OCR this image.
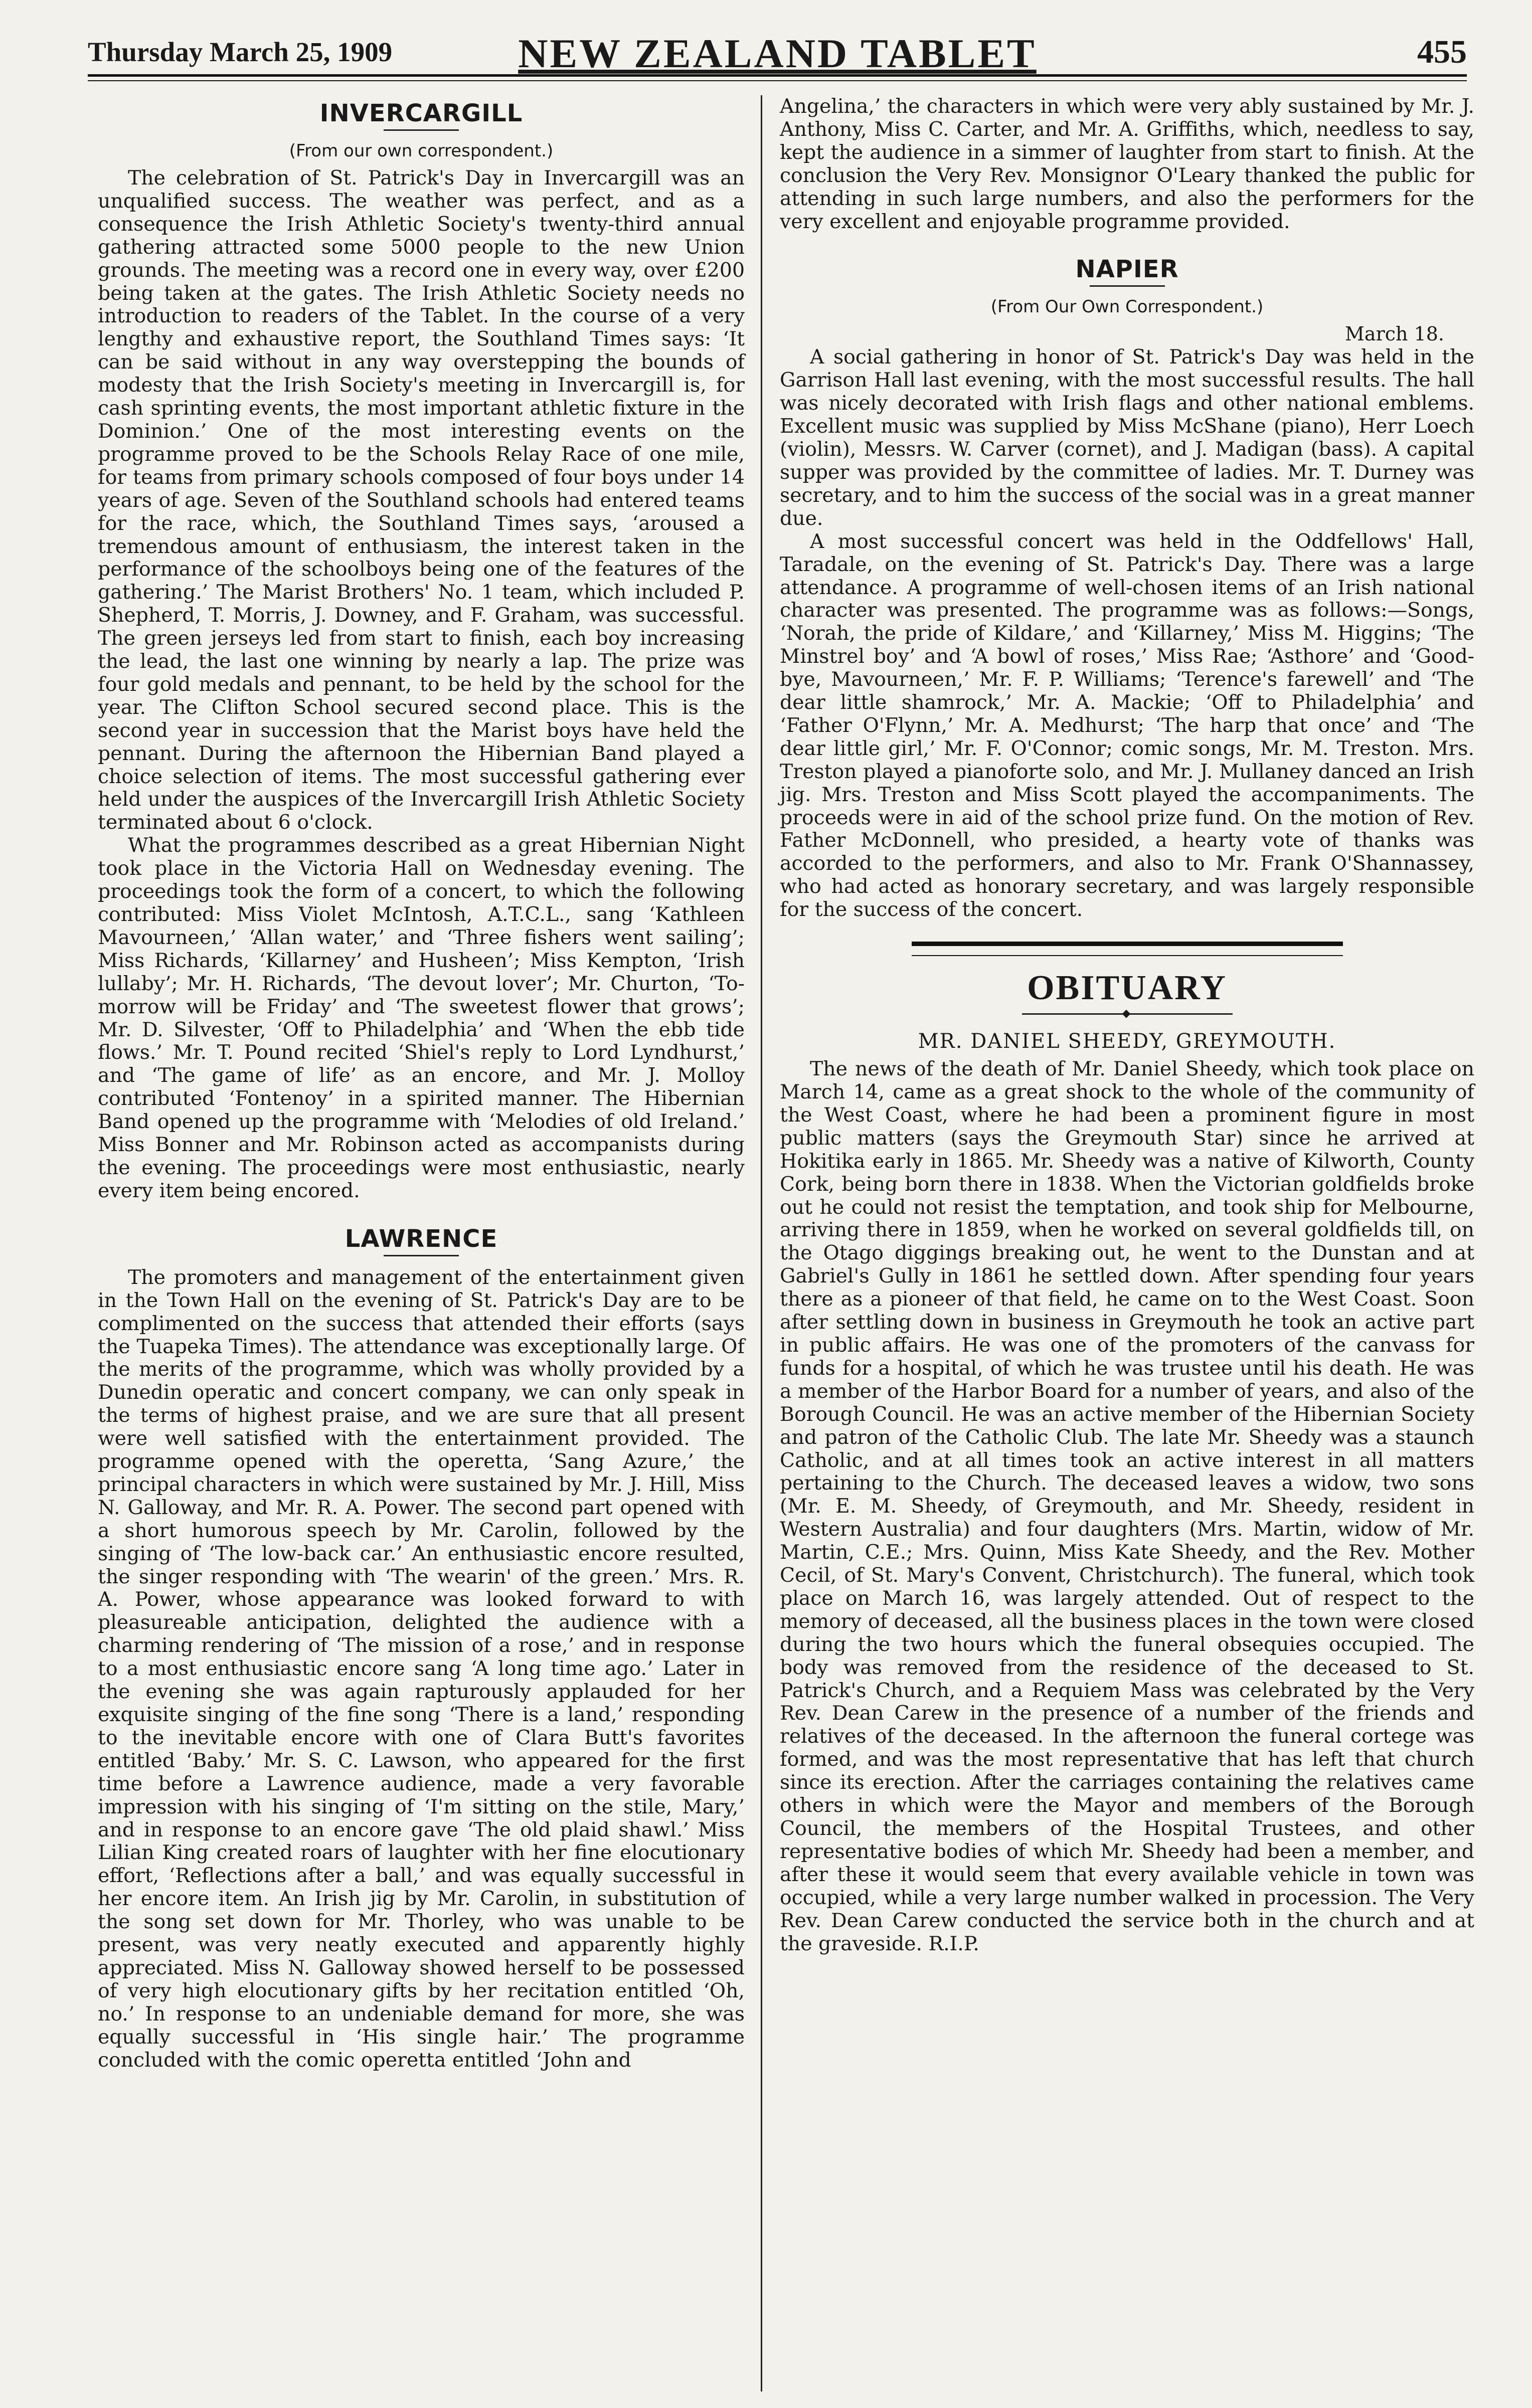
Thursday March 25, 1909	NEW ZEALAND TABLET	455
INVERCARGILL
(From our own correspondent.)

The celebration of St. Patrick's Day in Invercargill was an unqualified success. The weather was perfect, and as a consequence the Irish Athletic Society's twenty-third annual gathering attracted some 5000 people to the new Union grounds. The meeting was a record one in every way, over £200 being taken at the gates. The Irish Athletic Society needs no introduction to readers of the Tablet. In the course of a very lengthy and exhaustive report, the Southland Times says: ‘It can be said without in any way overstepping the bounds of modesty that the Irish Society's meeting in Invercargill is, for cash sprinting events, the most important athletic fixture in the Dominion.’ One of the most interesting events on the programme proved to be the Schools Relay Race of one mile, for teams from primary schools composed of four boys under 14 years of age. Seven of the Southland schools had entered teams for the race, which, the Southland Times says, ‘aroused a tremendous amount of enthusiasm, the interest taken in the performance of the schoolboys being one of the features of the gathering.’ The Marist Brothers' No. 1 team, which included P. Shepherd, T. Morris, J. Downey, and F. Graham, was successful. The green jerseys led from start to finish, each boy increasing the lead, the last one winning by nearly a lap. The prize was four gold medals and pennant, to be held by the school for the year. The Clifton School secured second place. This is the second year in succession that the Marist boys have held the pennant. During the afternoon the Hibernian Band played a choice selection of items. The most successful gathering ever held under the auspices of the Invercargill Irish Athletic Society terminated about 6 o'clock.

What the programmes described as a great Hibernian Night took place in the Victoria Hall on Wednesday evening. The proceedings took the form of a concert, to which the following contributed: Miss Violet McIntosh, A.T.C.L., sang ‘Kathleen Mavourneen,’ ‘Allan water,’ and ‘Three fishers went sailing’; Miss Richards, ‘Killarney’ and Husheen’; Miss Kempton, ‘Irish lullaby’; Mr. H. Richards, ‘The devout lover’; Mr. Churton, ‘To-morrow will be Friday’ and ‘The sweetest flower that grows’; Mr. D. Silvester, ‘Off to Philadelphia’ and ‘When the ebb tide flows.’ Mr. T. Pound recited ‘Shiel's reply to Lord Lyndhurst,’ and ‘The game of life’ as an encore, and Mr. J. Molloy contributed ‘Fontenoy’ in a spirited manner. The Hibernian Band opened up the programme with ‘Melodies of old Ireland.’ Miss Bonner and Mr. Robinson acted as accompanists during the evening. The proceedings were most enthusiastic, nearly every item being encored.

LAWRENCE

The promoters and management of the entertainment given in the Town Hall on the evening of St. Patrick's Day are to be complimented on the success that attended their efforts (says the Tuapeka Times). The attendance was exceptionally large. Of the merits of the programme, which was wholly provided by a Dunedin operatic and concert company, we can only speak in the terms of highest praise, and we are sure that all present were well satisfied with the entertainment provided. The programme opened with the operetta, ‘Sang Azure,’ the principal characters in which were sustained by Mr. J. Hill, Miss N. Galloway, and Mr. R. A. Power. The second part opened with a short humorous speech by Mr. Carolin, followed by the singing of ‘The low-back car.’ An enthusiastic encore resulted, the singer responding with ‘The wearin' of the green.’ Mrs. R. A. Power, whose appearance was looked forward to with pleasureable anticipation, delighted the audience with a charming rendering of ‘The mission of a rose,’ and in response to a most enthusiastic encore sang ‘A long time ago.’ Later in the evening she was again rapturously applauded for her exquisite singing of the fine song ‘There is a land,’ responding to the inevitable encore with one of Clara Butt's favorites entitled ‘Baby.’ Mr. S. C. Lawson, who appeared for the first time before a Lawrence audience, made a very favorable impression with his singing of ‘I'm sitting on the stile, Mary,’ and in response to an encore gave ‘The old plaid shawl.’ Miss Lilian King created roars of laughter with her fine elocutionary effort, ‘Reflections after a ball,’ and was equally successful in her encore item. An Irish jig by Mr. Carolin, in substitution of the song set down for Mr. Thorley, who was unable to be present, was very neatly executed and apparently highly appreciated. Miss N. Galloway showed herself to be possessed of very high elocutionary gifts by her recitation entitled ‘Oh, no.’ In response to an undeniable demand for more, she was equally successful in ‘His single hair.’ The programme concluded with the comic operetta entitled ‘John and

Angelina,’ the characters in which were very ably sustained by Mr. J. Anthony, Miss C. Carter, and Mr. A. Griffiths, which, needless to say, kept the audience in a simmer of laughter from start to finish. At the conclusion the Very Rev. Monsignor O'Leary thanked the public for attending in such large numbers, and also the performers for the very excellent and enjoyable programme provided.

NAPIER
(From Our Own Correspondent.)
March 18.

A social gathering in honor of St. Patrick's Day was held in the Garrison Hall last evening, with the most successful results. The hall was nicely decorated with Irish flags and other national emblems. Excellent music was supplied by Miss McShane (piano), Herr Loech (violin), Messrs. W. Carver (cornet), and J. Madigan (bass). A capital supper was provided by the committee of ladies. Mr. T. Durney was secretary, and to him the success of the social was in a great manner due.

A most successful concert was held in the Oddfellows' Hall, Taradale, on the evening of St. Patrick's Day. There was a large attendance. A programme of well-chosen items of an Irish national character was presented. The programme was as follows:—Songs, ‘Norah, the pride of Kildare,’ and ‘Killarney,’ Miss M. Higgins; ‘The Minstrel boy’ and ‘A bowl of roses,’ Miss Rae; ‘Asthore’ and ‘Good-bye, Mavourneen,’ Mr. F. P. Williams; ‘Terence's farewell’ and ‘The dear little shamrock,’ Mr. A. Mackie; ‘Off to Philadelphia’ and ‘Father O'Flynn,’ Mr. A. Medhurst; ‘The harp that once’ and ‘The dear little girl,’ Mr. F. O'Connor; comic songs, Mr. M. Treston. Mrs. Treston played a pianoforte solo, and Mr. J. Mullaney danced an Irish jig. Mrs. Treston and Miss Scott played the accompaniments. The proceeds were in aid of the school prize fund. On the motion of Rev. Father McDonnell, who presided, a hearty vote of thanks was accorded to the performers, and also to Mr. Frank O'Shannassey, who had acted as honorary secretary, and was largely responsible for the success of the concert.

OBITUARY
◆
MR. DANIEL SHEEDY, GREYMOUTH.

The news of the death of Mr. Daniel Sheedy, which took place on March 14, came as a great shock to the whole of the community of the West Coast, where he had been a prominent figure in most public matters (says the Greymouth Star) since he arrived at Hokitika early in 1865. Mr. Sheedy was a native of Kilworth, County Cork, being born there in 1838. When the Victorian goldfields broke out he could not resist the temptation, and took ship for Melbourne, arriving there in 1859, when he worked on several goldfields till, on the Otago diggings breaking out, he went to the Dunstan and at Gabriel's Gully in 1861 he settled down. After spending four years there as a pioneer of that field, he came on to the West Coast. Soon after settling down in business in Greymouth he took an active part in public affairs. He was one of the promoters of the canvass for funds for a hospital, of which he was trustee until his death. He was a member of the Harbor Board for a number of years, and also of the Borough Council. He was an active member of the Hibernian Society and patron of the Catholic Club. The late Mr. Sheedy was a staunch Catholic, and at all times took an active interest in all matters pertaining to the Church. The deceased leaves a widow, two sons (Mr. E. M. Sheedy, of Greymouth, and Mr. Sheedy, resident in Western Australia) and four daughters (Mrs. Martin, widow of Mr. Martin, C.E.; Mrs. Quinn, Miss Kate Sheedy, and the Rev. Mother Cecil, of St. Mary's Convent, Christchurch). The funeral, which took place on March 16, was largely attended. Out of respect to the memory of deceased, all the business places in the town were closed during the two hours which the funeral obsequies occupied. The body was removed from the residence of the deceased to St. Patrick's Church, and a Requiem Mass was celebrated by the Very Rev. Dean Carew in the presence of a number of the friends and relatives of the deceased. In the afternoon the funeral cortege was formed, and was the most representative that has left that church since its erection. After the carriages containing the relatives came others in which were the Mayor and members of the Borough Council, the members of the Hospital Trustees, and other representative bodies of which Mr. Sheedy had been a member, and after these it would seem that every available vehicle in town was occupied, while a very large number walked in procession. The Very Rev. Dean Carew conducted the service both in the church and at the graveside. R.I.P.
